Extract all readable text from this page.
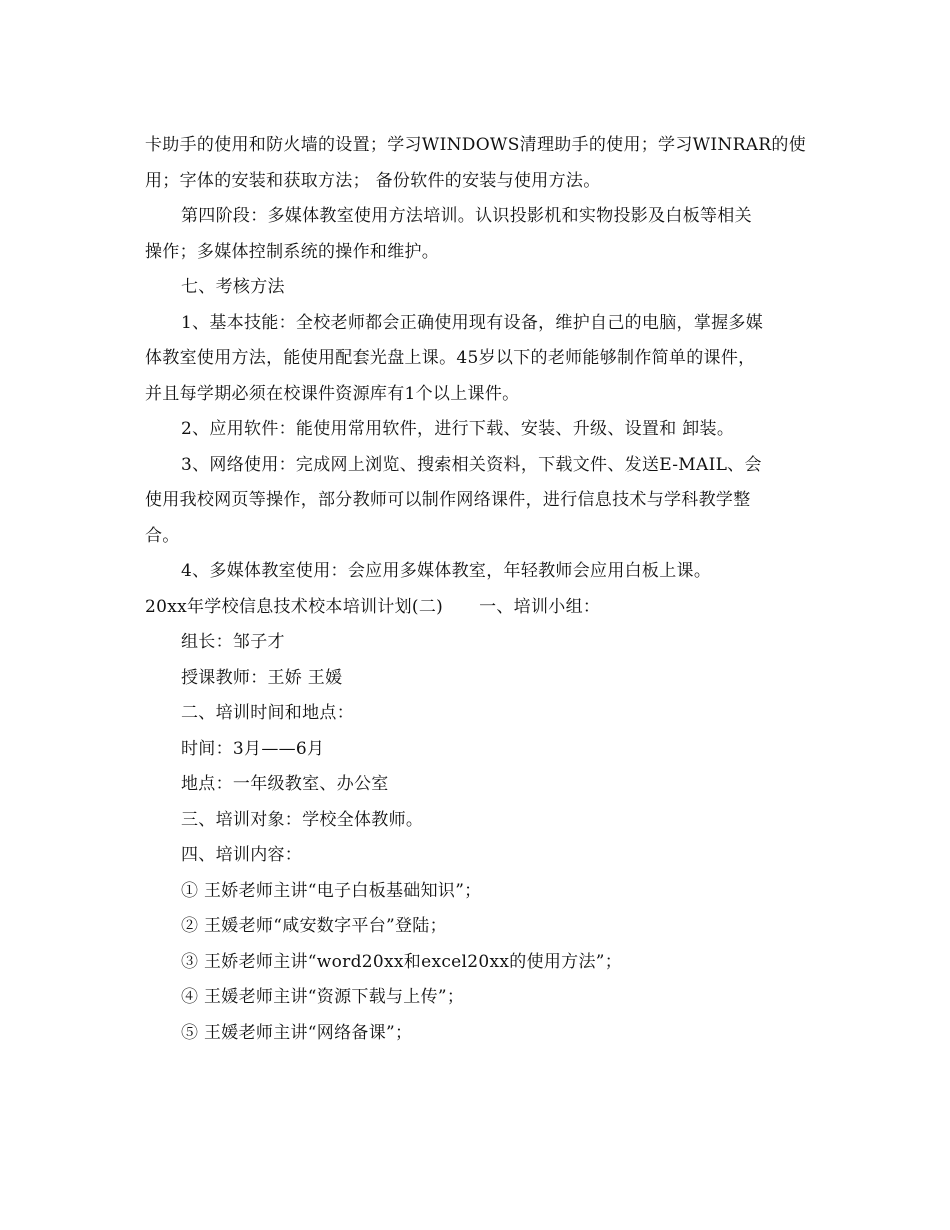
卡助手的使用和防火墙的设置；学习WINDOWS清理助手的使用；学习WINRAR的使
用；字体的安装和获取方法； 备份软件的安装与使用方法。
第四阶段：多媒体教室使用方法培训。认识投影机和实物投影及白板等相关
操作；多媒体控制系统的操作和维护。
七、考核方法
1、基本技能：全校老师都会正确使用现有设备，维护自己的电脑，掌握多媒
体教室使用方法，能使用配套光盘上课。45岁以下的老师能够制作简单的课件，
并且每学期必须在校课件资源库有1个以上课件。
2、应用软件：能使用常用软件，进行下载、安装、升级、设置和 卸装。
3、网络使用：完成网上浏览、搜索相关资料，下载文件、发送E-MAIL、会
使用我校网页等操作，部分教师可以制作网络课件，进行信息技术与学科教学整
合。
4、多媒体教室使用：会应用多媒体教室，年轻教师会应用白板上课。
20xx年学校信息技术校本培训计划(二) 一、培训小组：
组长：邹子才
授课教师：王娇 王媛
二、培训时间和地点：
时间：3月——6月
地点：一年级教室、办公室
三、培训对象：学校全体教师。
四、培训内容：
① 王娇老师主讲“电子白板基础知识”；
② 王媛老师“咸安数字平台”登陆；
③ 王娇老师主讲“word20xx和excel20xx的使用方法”；
④ 王媛老师主讲“资源下载与上传”；
⑤ 王媛老师主讲“网络备课”；
